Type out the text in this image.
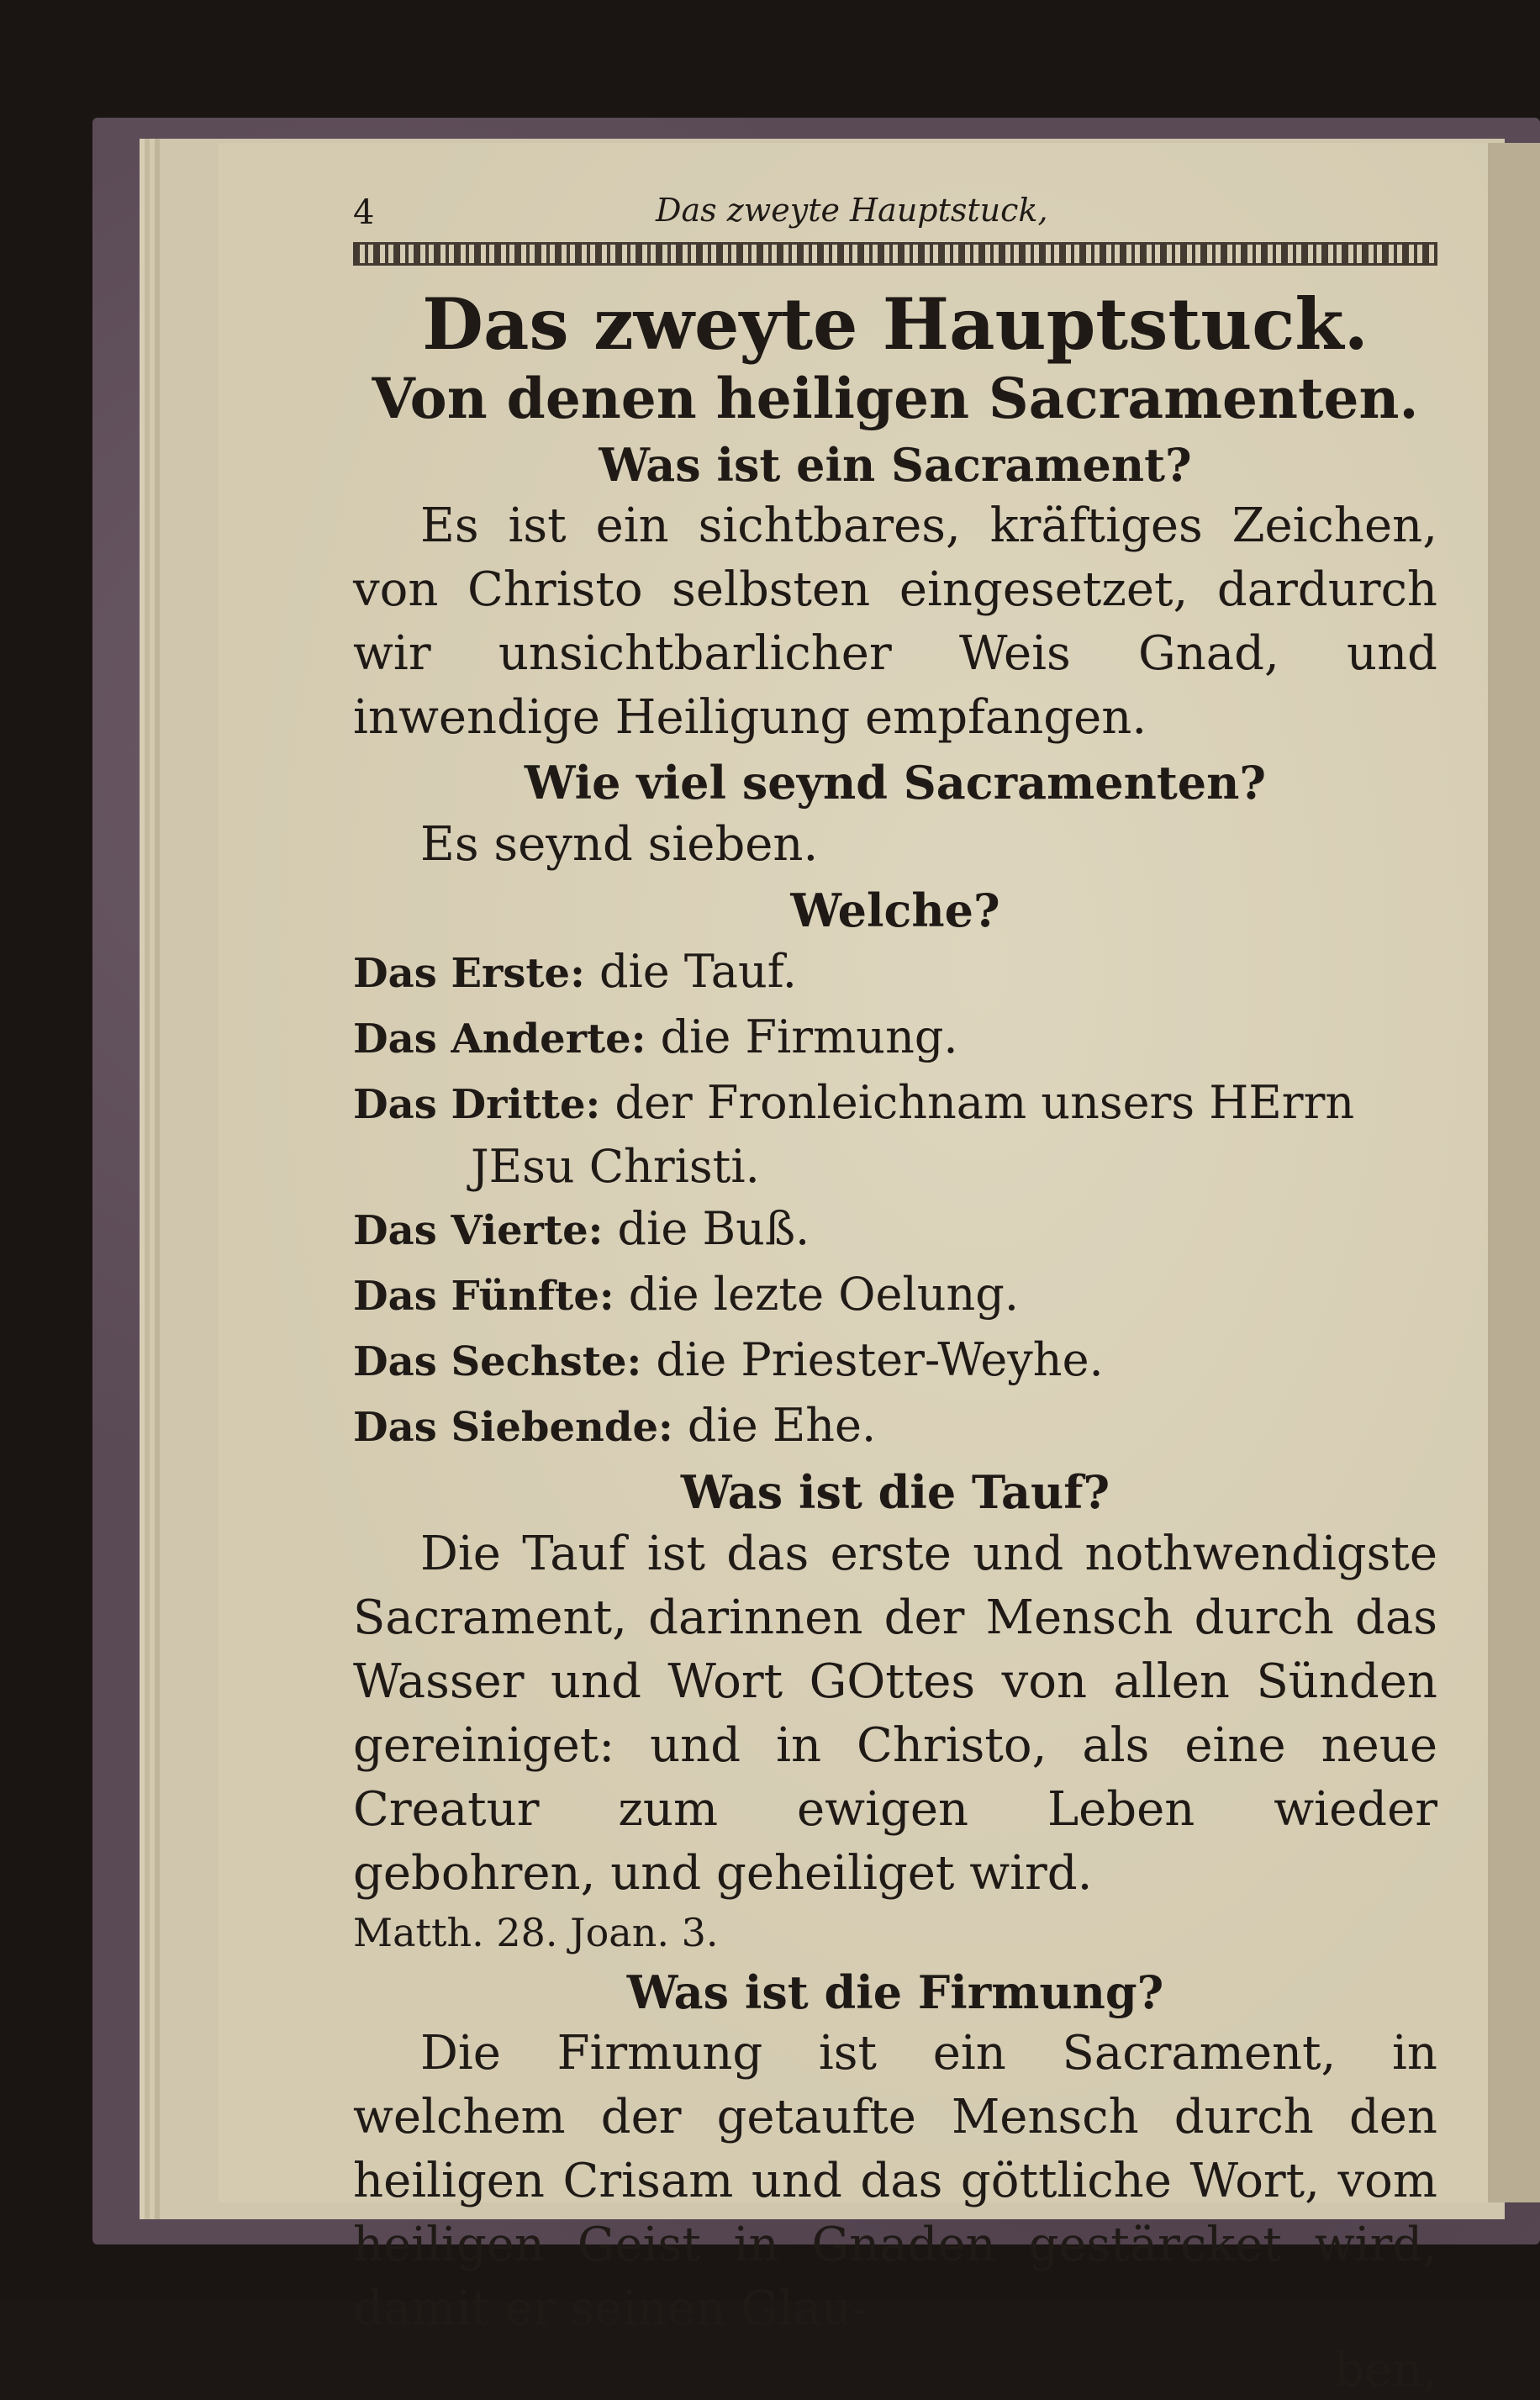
4	Das zweyte Hauptstuck,
Das zweyte Hauptstuck.
Von denen heiligen Sacramenten.
Was ist ein Sacrament?

Es ist ein sichtbares, kräftiges Zeichen, von Christo selbsten eingesetzet, dardurch wir unsichtbarlicher Weis Gnad, und inwendige Heiligung empfangen.

Wie viel seynd Sacramenten?
Es seynd sieben.
Welche?
Das Erste: die Tauf.
Das Anderte: die Firmung.
Das Dritte: der Fronleichnam unsers HErrn
JEsu Christi.
Das Vierte: die Buß.
Das Fünfte: die lezte Oelung.
Das Sechste: die Priester-Weyhe.
Das Siebende: die Ehe.
Was ist die Tauf?

Die Tauf ist das erste und nothwendigste Sacrament, darinnen der Mensch durch das Wasser und Wort GOttes von allen Sünden gereiniget: und in Christo, als eine neue Creatur zum ewigen Leben wieder gebohren, und geheiliget wird.

Matth. 28. Joan. 3.
Was ist die Firmung?

Die Firmung ist ein Sacrament, in welchem der getaufte Mensch durch den heiligen Crisam und das göttliche Wort, vom heiligen Geist in Gnaden gestärcket wird, damit er seinen Glau-

ben,
